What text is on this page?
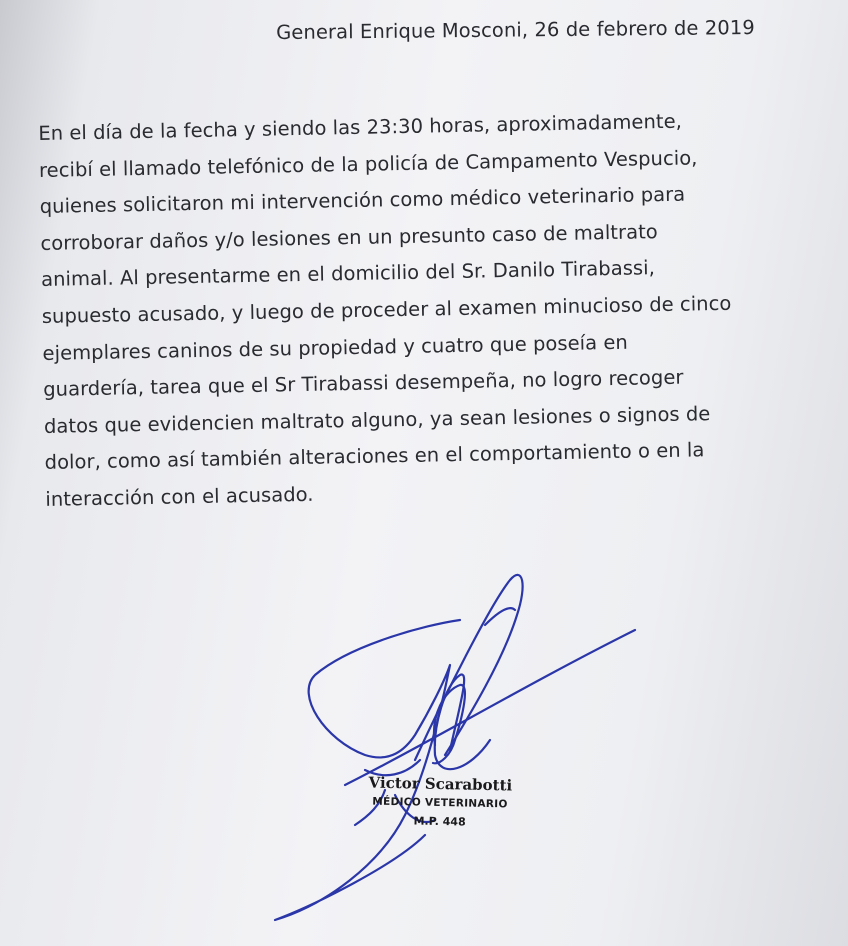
General Enrique Mosconi, 26 de febrero de 2019
En el día de la fecha y siendo las 23:30 horas, aproximadamente,
recibí el llamado telefónico de la policía de Campamento Vespucio,
quienes solicitaron mi intervención como médico veterinario para
corroborar daños y/o lesiones en un presunto caso de maltrato
animal. Al presentarme en el domicilio del Sr. Danilo Tirabassi,
supuesto acusado, y luego de proceder al examen minucioso de cinco
ejemplares caninos de su propiedad y cuatro que poseía en
guardería, tarea que el Sr Tirabassi desempeña, no logro recoger
datos que evidencien maltrato alguno, ya sean lesiones o signos de
dolor, como así también alteraciones en el comportamiento o en la
interacción con el acusado.
Victor Scarabotti
MÉDICO VETERINARIO
M.P. 448
